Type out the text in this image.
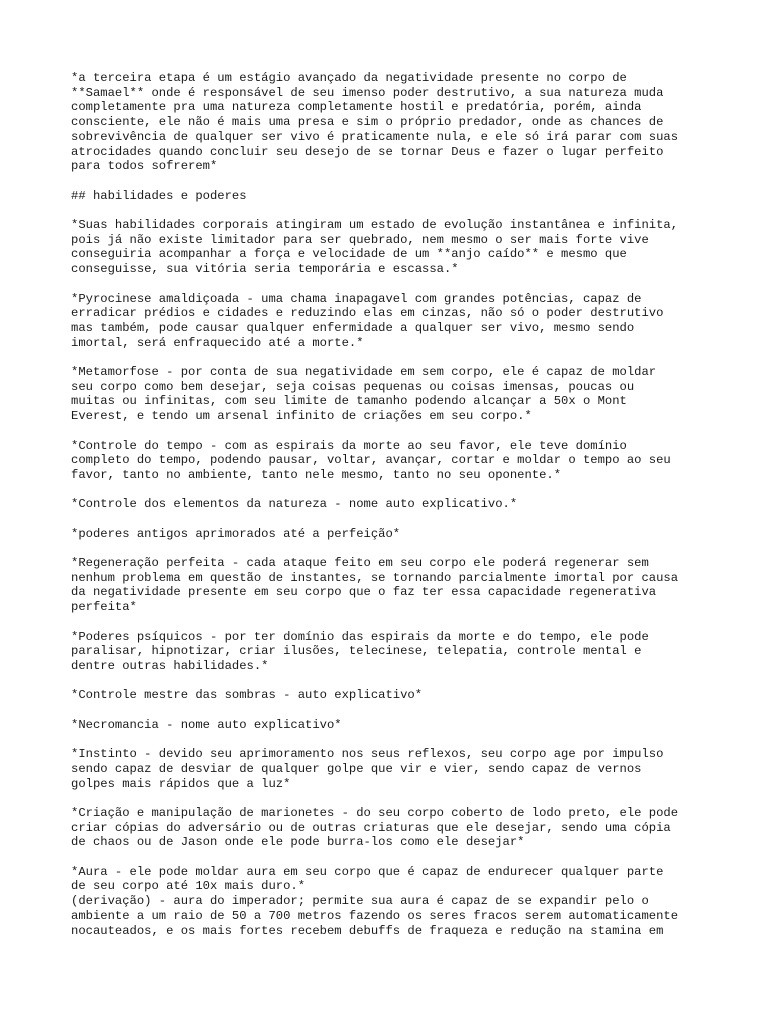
*a terceira etapa é um estágio avançado da negatividade presente no corpo de
**Samael** onde é responsável de seu imenso poder destrutivo, a sua natureza muda
completamente pra uma natureza completamente hostil e predatória, porém, ainda
consciente, ele não é mais uma presa e sim o próprio predador, onde as chances de
sobrevivência de qualquer ser vivo é praticamente nula, e ele só irá parar com suas
atrocidades quando concluir seu desejo de se tornar Deus e fazer o lugar perfeito
para todos sofrerem*

## habilidades e poderes

*Suas habilidades corporais atingiram um estado de evolução instantânea e infinita,
pois já não existe limitador para ser quebrado, nem mesmo o ser mais forte vive
conseguiria acompanhar a força e velocidade de um **anjo caído** e mesmo que
conseguisse, sua vitória seria temporária e escassa.*

*Pyrocinese amaldiçoada - uma chama inapagavel com grandes potências, capaz de
erradicar prédios e cidades e reduzindo elas em cinzas, não só o poder destrutivo
mas também, pode causar qualquer enfermidade a qualquer ser vivo, mesmo sendo
imortal, será enfraquecido até a morte.*

*Metamorfose - por conta de sua negatividade em sem corpo, ele é capaz de moldar
seu corpo como bem desejar, seja coisas pequenas ou coisas imensas, poucas ou
muitas ou infinitas, com seu limite de tamanho podendo alcançar a 50x o Mont
Everest, e tendo um arsenal infinito de criações em seu corpo.*

*Controle do tempo - com as espirais da morte ao seu favor, ele teve domínio
completo do tempo, podendo pausar, voltar, avançar, cortar e moldar o tempo ao seu
favor, tanto no ambiente, tanto nele mesmo, tanto no seu oponente.*

*Controle dos elementos da natureza - nome auto explicativo.*

*poderes antigos aprimorados até a perfeição*

*Regeneração perfeita - cada ataque feito em seu corpo ele poderá regenerar sem
nenhum problema em questão de instantes, se tornando parcialmente imortal por causa
da negatividade presente em seu corpo que o faz ter essa capacidade regenerativa
perfeita*

*Poderes psíquicos - por ter domínio das espirais da morte e do tempo, ele pode
paralisar, hipnotizar, criar ilusões, telecinese, telepatia, controle mental e
dentre outras habilidades.*

*Controle mestre das sombras - auto explicativo*

*Necromancia - nome auto explicativo*

*Instinto - devido seu aprimoramento nos seus reflexos, seu corpo age por impulso
sendo capaz de desviar de qualquer golpe que vir e vier, sendo capaz de vernos
golpes mais rápidos que a luz*

*Criação e manipulação de marionetes - do seu corpo coberto de lodo preto, ele pode
criar cópias do adversário ou de outras criaturas que ele desejar, sendo uma cópia
de chaos ou de Jason onde ele pode burra-los como ele desejar*

*Aura - ele pode moldar aura em seu corpo que é capaz de endurecer qualquer parte
de seu corpo até 10x mais duro.*
(derivação) - aura do imperador; permite sua aura é capaz de se expandir pelo o
ambiente a um raio de 50 a 700 metros fazendo os seres fracos serem automaticamente
nocauteados, e os mais fortes recebem debuffs de fraqueza e redução na stamina em
